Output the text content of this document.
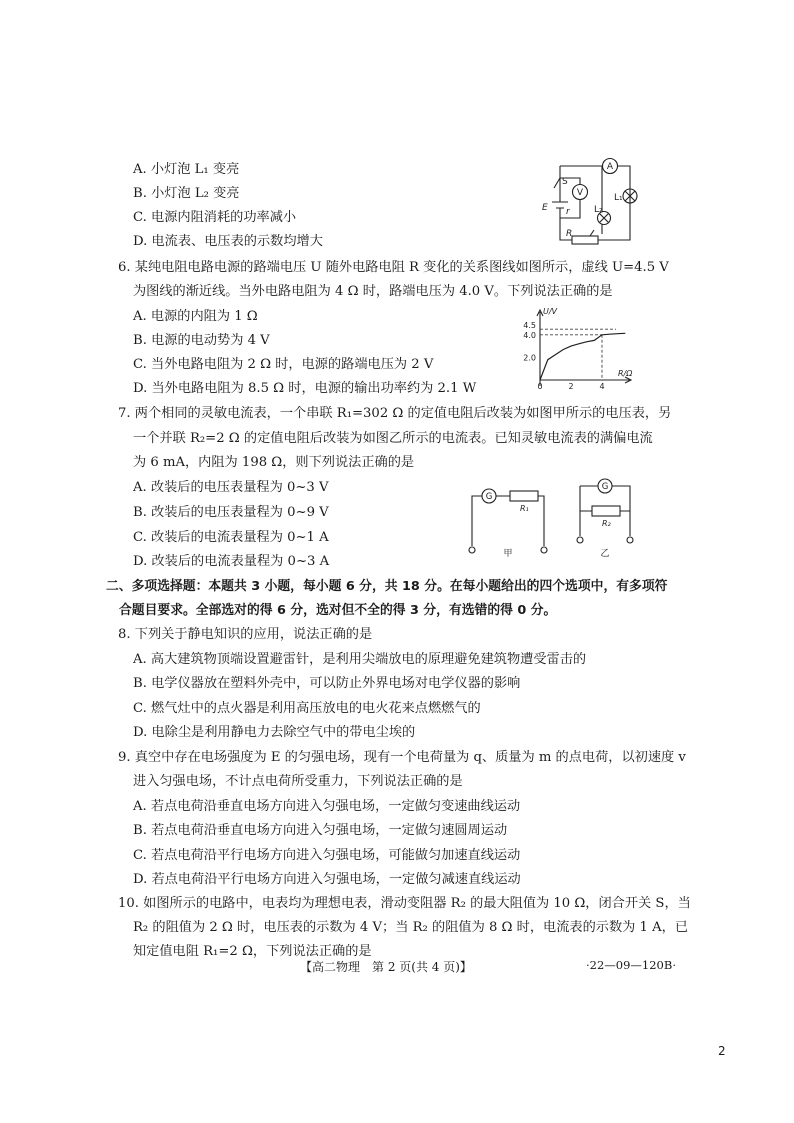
A. 小灯泡 L₁ 变亮
B. 小灯泡 L₂ 变亮
C. 电源内阻消耗的功率减小
D. 电流表、电压表的示数均增大
A
V
S
E r
L₁
L₂
R
6. 某纯电阻电路电源的路端电压 U 随外电路电阻 R 变化的关系图线如图所示，虚线 U=4.5 V
为图线的渐近线。当外电路电阻为 4 Ω 时，路端电压为 4.0 V。下列说法正确的是
A. 电源的内阻为 1 Ω
B. 电源的电动势为 4 V
C. 当外电路电阻为 2 Ω 时，电源的路端电压为 2 V
D. 当外电路电阻为 8.5 Ω 时，电源的输出功率约为 2.1 W
U/V
R/Ω
4.5
4.0
2.0
0	2	4
7. 两个相同的灵敏电流表，一个串联 R₁=302 Ω 的定值电阻后改装为如图甲所示的电压表，另
一个并联 R₂=2 Ω 的定值电阻后改装为如图乙所示的电流表。已知灵敏电流表的满偏电流
为 6 mA，内阻为 198 Ω，则下列说法正确的是
A. 改装后的电压表量程为 0~3 V
B. 改装后的电压表量程为 0~9 V
C. 改装后的电流表量程为 0~1 A
D. 改装后的电流表量程为 0~3 A
G
G
R₁
R₂
甲	乙
二、多项选择题：本题共 3 小题，每小题 6 分，共 18 分。在每小题给出的四个选项中，有多项符
合题目要求。全部选对的得 6 分，选对但不全的得 3 分，有选错的得 0 分。
8. 下列关于静电知识的应用，说法正确的是
A. 高大建筑物顶端设置避雷针，是利用尖端放电的原理避免建筑物遭受雷击的
B. 电学仪器放在塑料外壳中，可以防止外界电场对电学仪器的影响
C. 燃气灶中的点火器是利用高压放电的电火花来点燃燃气的
D. 电除尘是利用静电力去除空气中的带电尘埃的
9. 真空中存在电场强度为 E 的匀强电场，现有一个电荷量为 q、质量为 m 的点电荷，以初速度 v
进入匀强电场，不计点电荷所受重力，下列说法正确的是
A. 若点电荷沿垂直电场方向进入匀强电场，一定做匀变速曲线运动
B. 若点电荷沿垂直电场方向进入匀强电场，一定做匀速圆周运动
C. 若点电荷沿平行电场方向进入匀强电场，可能做匀加速直线运动
D. 若点电荷沿平行电场方向进入匀强电场，一定做匀减速直线运动
10. 如图所示的电路中，电表均为理想电表，滑动变阻器 R₂ 的最大阻值为 10 Ω，闭合开关 S，当
R₂ 的阻值为 2 Ω 时，电压表的示数为 4 V；当 R₂ 的阻值为 8 Ω 时，电流表的示数为 1 A，已
知定值电阻 R₁=2 Ω，下列说法正确的是
【高二物理　第 2 页(共 4 页)】	·22—09—120B·
2
